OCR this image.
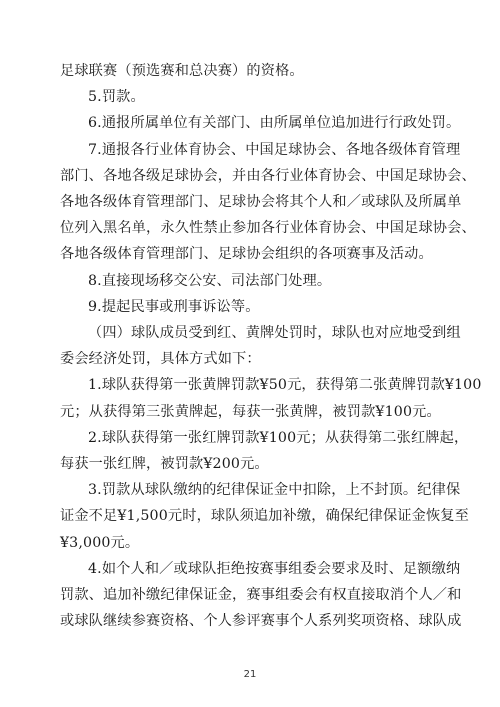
足球联赛（预选赛和总决赛）的资格。
5.罚款。
6.通报所属单位有关部门、由所属单位追加进行行政处罚。
7.通报各行业体育协会、中国足球协会、各地各级体育管理
部门、各地各级足球协会，并由各行业体育协会、中国足球协会、
各地各级体育管理部门、足球协会将其个人和／或球队及所属单
位列入黑名单，永久性禁止参加各行业体育协会、中国足球协会、
各地各级体育管理部门、足球协会组织的各项赛事及活动。
8.直接现场移交公安、司法部门处理。
9.提起民事或刑事诉讼等。
（四）球队成员受到红、黄牌处罚时，球队也对应地受到组
委会经济处罚，具体方式如下：
1.球队获得第一张黄牌罚款¥50元，获得第二张黄牌罚款¥100
元；从获得第三张黄牌起，每获一张黄牌，被罚款¥100元。
2.球队获得第一张红牌罚款¥100元；从获得第二张红牌起，
每获一张红牌，被罚款¥200元。
3.罚款从球队缴纳的纪律保证金中扣除，上不封顶。纪律保
证金不足¥1,500元时，球队须追加补缴，确保纪律保证金恢复至
¥3,000元。
4.如个人和／或球队拒绝按赛事组委会要求及时、足额缴纳
罚款、追加补缴纪律保证金，赛事组委会有权直接取消个人／和
或球队继续参赛资格、个人参评赛事个人系列奖项资格、球队成
21
